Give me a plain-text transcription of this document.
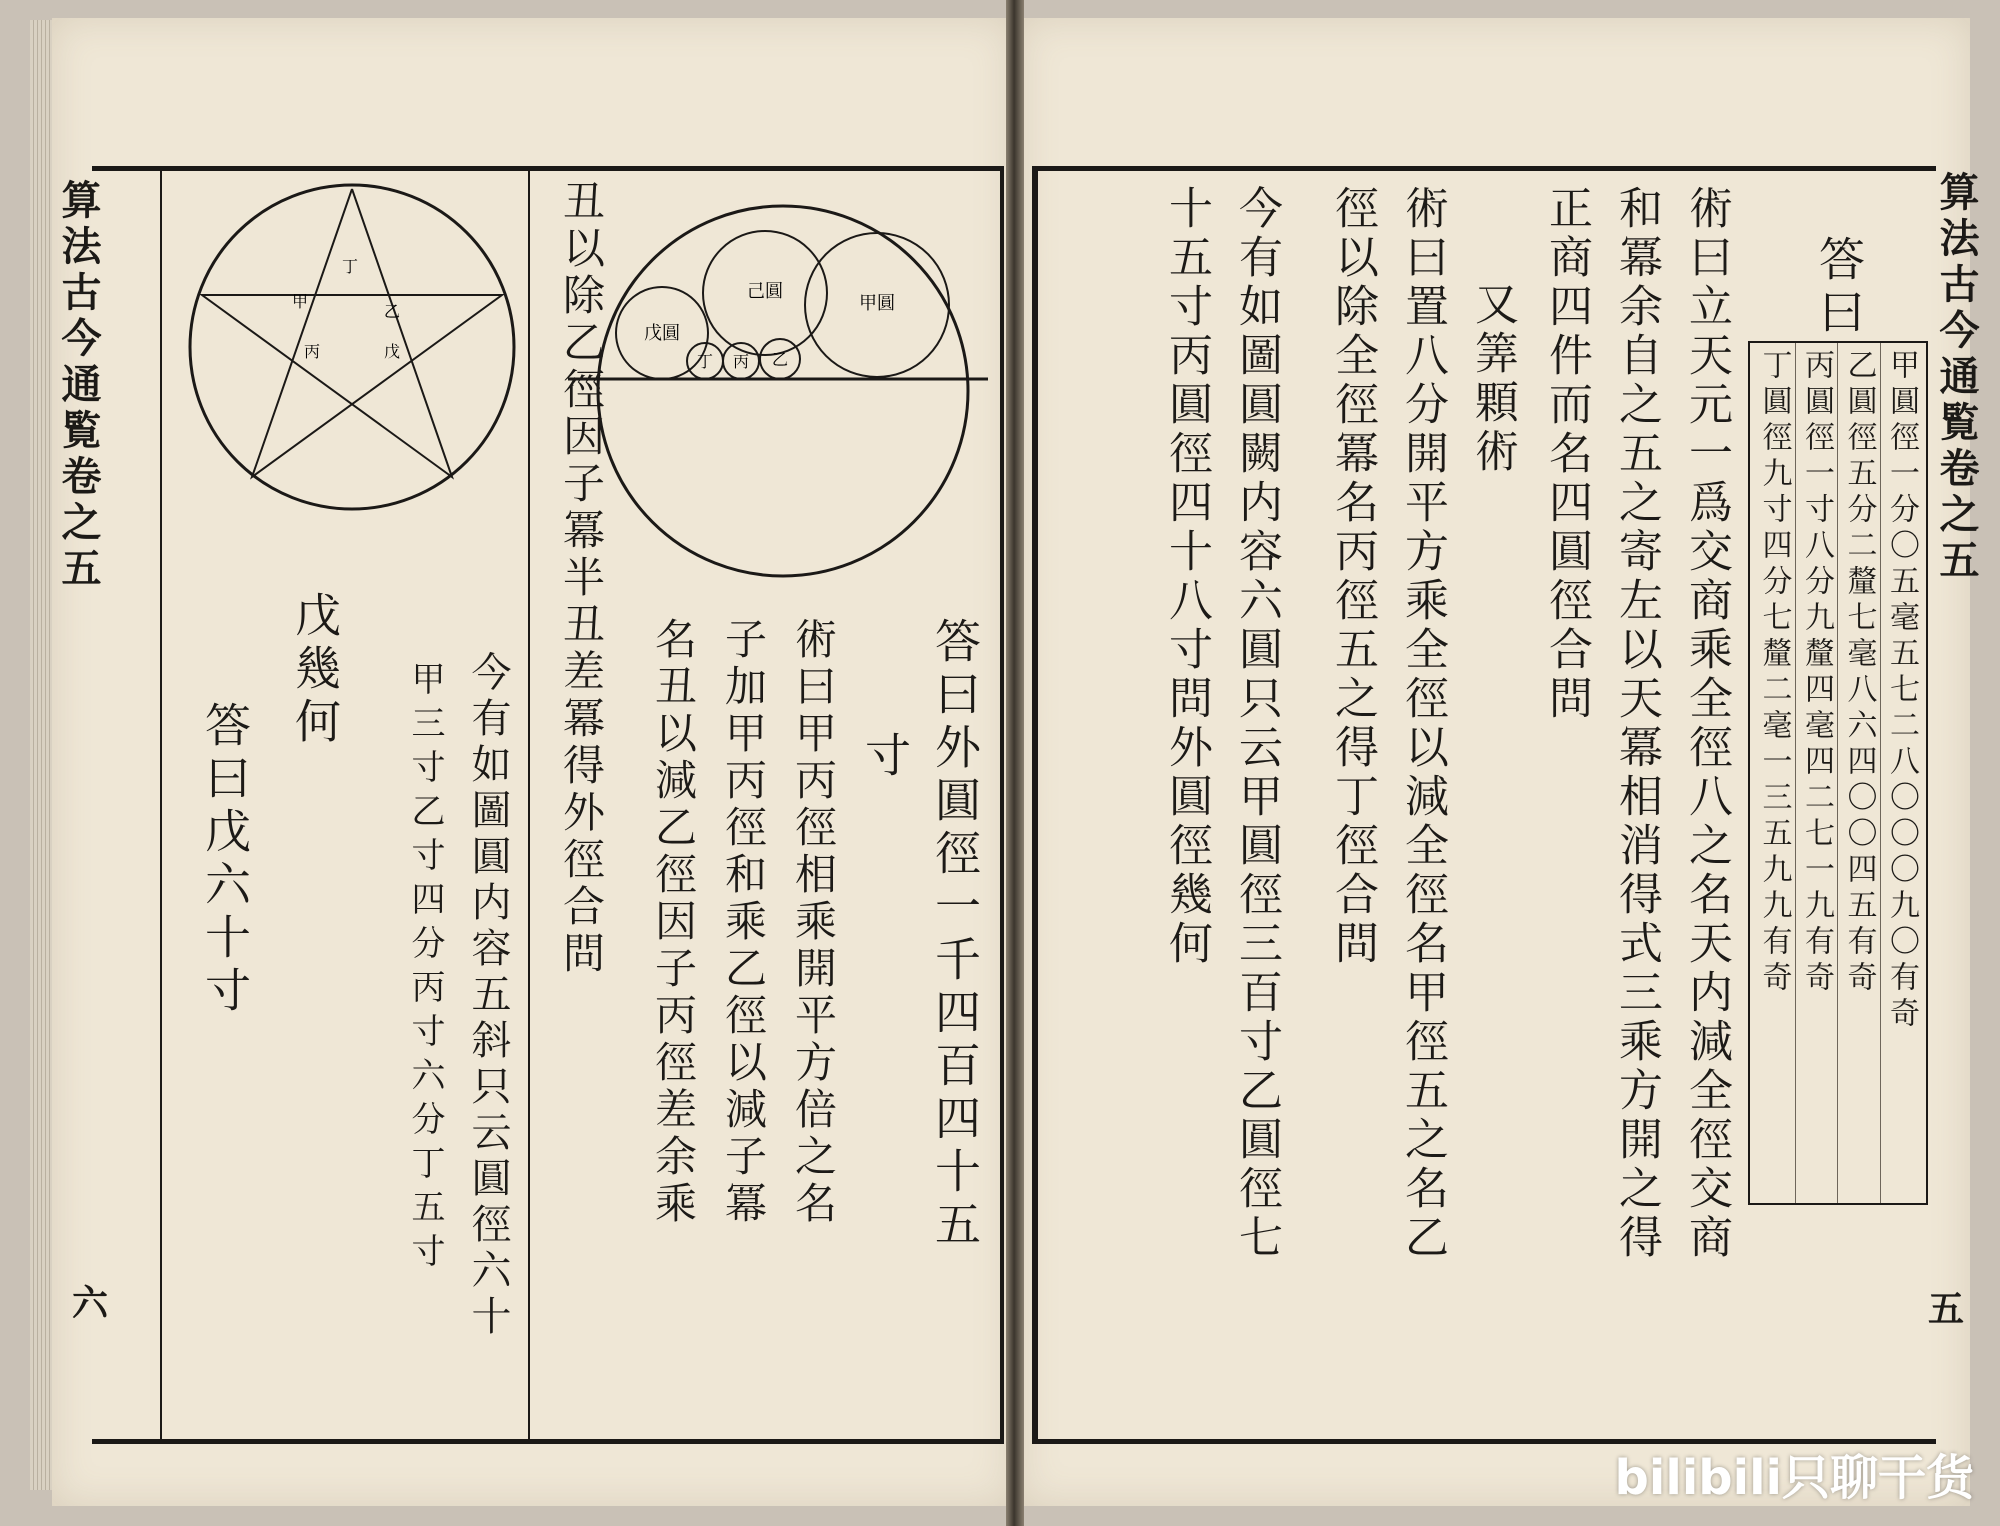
算法古今通覧卷之五
五
答曰
甲圓徑一分〇五毫五七二八〇〇〇九〇有奇
乙圓徑五分二釐七毫八六四〇〇四五有奇
丙圓徑一寸八分九釐四毫四二七一九有奇
丁圓徑九寸四分七釐二毫一三五九九有奇
術曰立天元一爲交商乘全徑八之名天内減全徑交商
和冪余自之五之寄左以天冪相消得式三乘方開之得
正商四件而名四圓徑合問
又筭顆術
術曰置八分開平方乘全徑以減全徑名甲徑五之名乙
徑以除全徑冪名丙徑五之得丁徑合問
今有如圖圓闕内容六圓只云甲圓徑三百寸乙圓徑七
十五寸丙圓徑四十八寸問外圓徑幾何
算法古今通覧卷之五
六
戊圓
己圓
甲圓
丁 丙 乙
答曰外圓徑一千四百四十五
寸
術曰甲丙徑相乘開平方倍之名
子加甲丙徑和乘乙徑以減子冪
名丑以減乙徑因子丙徑差余乘
丑以除乙徑因子冪半丑差冪得外徑合問
今有如圖圓内容五斜只云圓徑六十
甲三寸乙寸四分丙寸六分丁五寸
丁
乙
丙	戊
甲
戊幾何
答曰戊六十寸
bilibili只聊干货
